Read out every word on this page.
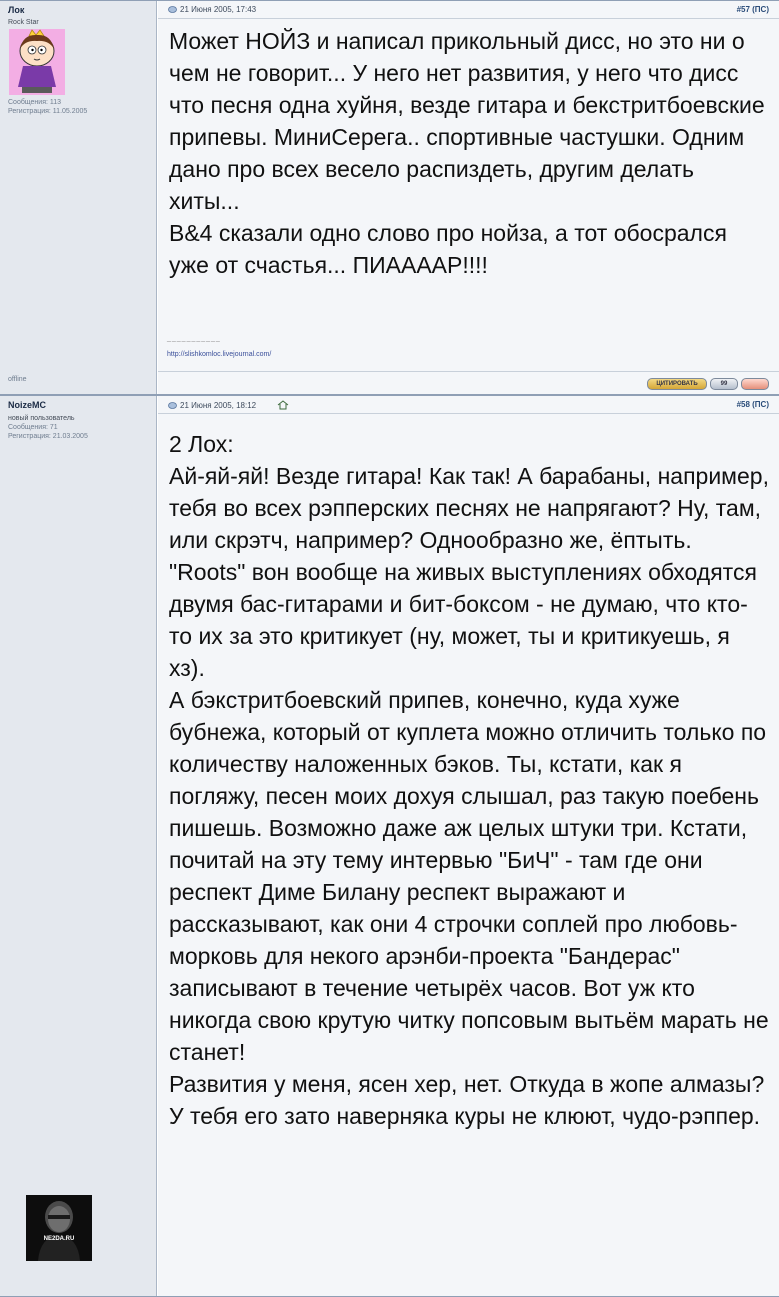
Лок
Rock Star
Сообщения: 113
Регистрация: 11.05.2005
offline
21 Июня 2005, 17:43	#57 (ПС)

Может НОЙЗ и написал прикольный дисс, но это ни о чем не говорит... У него нет развития, у него что дисс что песня одна хуйня, везде гитара и бекстритбоевские припевы. МиниСерега.. спортивные частушки. Одним дано про всех весело распиздеть, другим делать хиты...

B&4 сказали одно слово про нойза, а тот обосрался уже от счастья... ПИААААР!!!!

___________
http://slishkomloc.livejournal.com/
ЦИТИРОВАТЬ	99
NoizeMC
новый пользователь
Сообщения: 71
Регистрация: 21.03.2005
NE2DA.RU
21 Июня 2005, 18:12	#58 (ПС)

2 Лох:

Ай-яй-яй! Везде гитара! Как так! А барабаны, например, тебя во всех рэпперских песнях не напрягают? Ну, там, или скрэтч, например? Однообразно же, ёптыть. "Roots" вон вообще на живых выступлениях обходятся двумя бас-гитарами и бит-боксом - не думаю, что кто-то их за это критикует (ну, может, ты и критикуешь, я хз).

А бэкстритбоевский припев, конечно, куда хуже бубнежа, который от куплета можно отличить только по количеству наложенных бэков. Ты, кстати, как я погляжу, песен моих дохуя слышал, раз такую поебень пишешь. Возможно даже аж целых штуки три. Кстати, почитай на эту тему интервью "БиЧ" - там где они респект Диме Билану респект выражают и рассказывают, как они 4 строчки соплей про любовь-морковь для некого арэнби-проекта "Бандерас" записывают в течение четырёх часов. Вот уж кто никогда свою крутую читку попсовым вытьём марать не станет!

Развития у меня, ясен хер, нет. Откуда в жопе алмазы? У тебя его зато наверняка куры не клюют, чудо-рэппер.
